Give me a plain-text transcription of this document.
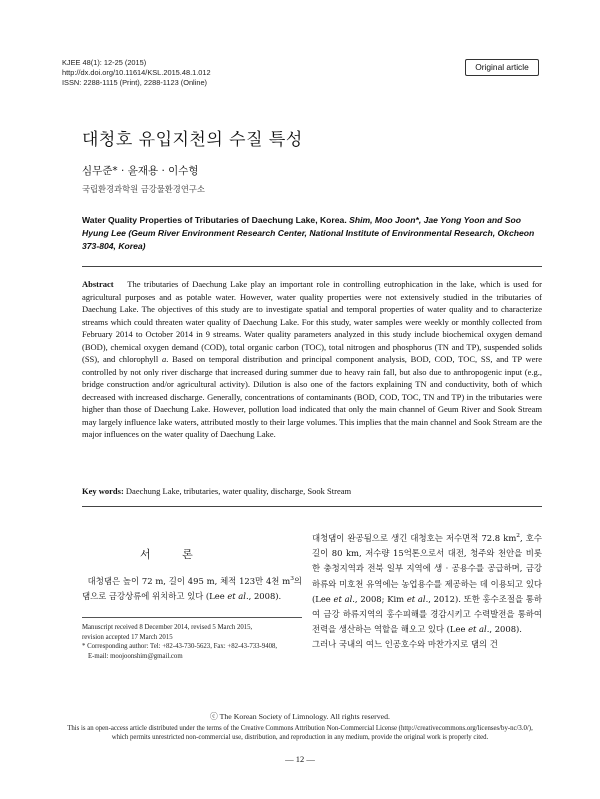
KJEE 48(1): 12-25 (2015)
http://dx.doi.org/10.11614/KSL.2015.48.1.012
ISSN: 2288-1115 (Print), 2288-1123 (Online)
Original article
대청호 유입지천의 수질 특성
심무준* · 윤재용 · 이수형
국립환경과학원 금강물환경연구소
Water Quality Properties of Tributaries of Daechung Lake, Korea. Shim, Moo Joon*, Jae Yong Yoon and Soo Hyung Lee (Geum River Environment Research Center, National Institute of Environmental Research, Okcheon 373-804, Korea)
Abstract The tributaries of Daechung Lake play an important role in controlling eutrophication in the lake, which is used for agricultural purposes and as potable water. However, water quality properties were not extensively studied in the tributaries of Daechung Lake. The objectives of this study are to investigate spatial and temporal properties of water quality and to characterize streams which could threaten water quality of Daechung Lake. For this study, water samples were weekly or monthly collected from February 2014 to October 2014 in 9 streams. Water quality parameters analyzed in this study include biochemical oxygen demand (BOD), chemical oxygen demand (COD), total organic carbon (TOC), total nitrogen and phosphorus (TN and TP), suspended solids (SS), and chlorophyll a. Based on temporal distribution and principal component analysis, BOD, COD, TOC, SS, and TP were controlled by not only river discharge that increased during summer due to heavy rain fall, but also due to anthropogenic input (e.g., bridge construction and/or agricultural activity). Dilution is also one of the factors explaining TN and conductivity, both of which decreased with increased discharge. Generally, concentrations of contaminants (BOD, COD, TOC, TN and TP) in the tributaries were higher than those of Daechung Lake. However, pollution load indicated that only the main channel of Geum River and Sook Stream may largely influence lake waters, attributed mostly to their large volumes. This implies that the main channel and Sook Stream are the major influences on the water quality of Daechung Lake.
Key words: Daechung Lake, tributaries, water quality, discharge, Sook Stream
서 론
대청댐은 높이 72 m, 길이 495 m, 체적 123만 4천 $m^3$의 댐으로 금강상류에 위치하고 있다 (Lee et al., 2008).
Manuscript received 8 December 2014, revised 5 March 2015,
revision accepted 17 March 2015
* Corresponding author: Tel: +82-43-730-5623, Fax: +82-43-733-9408,
E-mail: moojoonshim@gmail.com

대청댐이 완공됨으로 생긴 대청호는 저수면적 72.8 $km^2$, 호수길이 80 km, 저수량 15억톤으로서 대전, 청주와 천안을 비롯한 충청지역과 전북 일부 지역에 생 · 공용수를 공급하며, 금강하류와 미호천 유역에는 농업용수를 제공하는 데 이용되고 있다 (Lee et al., 2008; Kim et al., 2012). 또한 홍수조절을 통하여 금강 하류지역의 홍수피해를 경감시키고 수력발전을 통하여 전력을 생산하는 역할을 해오고 있다 (Lee et al., 2008).

그러나 국내의 여느 인공호수와 마찬가지로 댐의 건

ⓒ The Korean Society of Limnology. All rights reserved.
This is an open-access article distributed under the terms of the Creative Commons Attribution Non-Commercial License (http://creativecommons.org/licenses/by-nc/3.0/),
which permits unrestricted non-commercial use, distribution, and reproduction in any medium, provide the original work is properly cited.
— 12 —
